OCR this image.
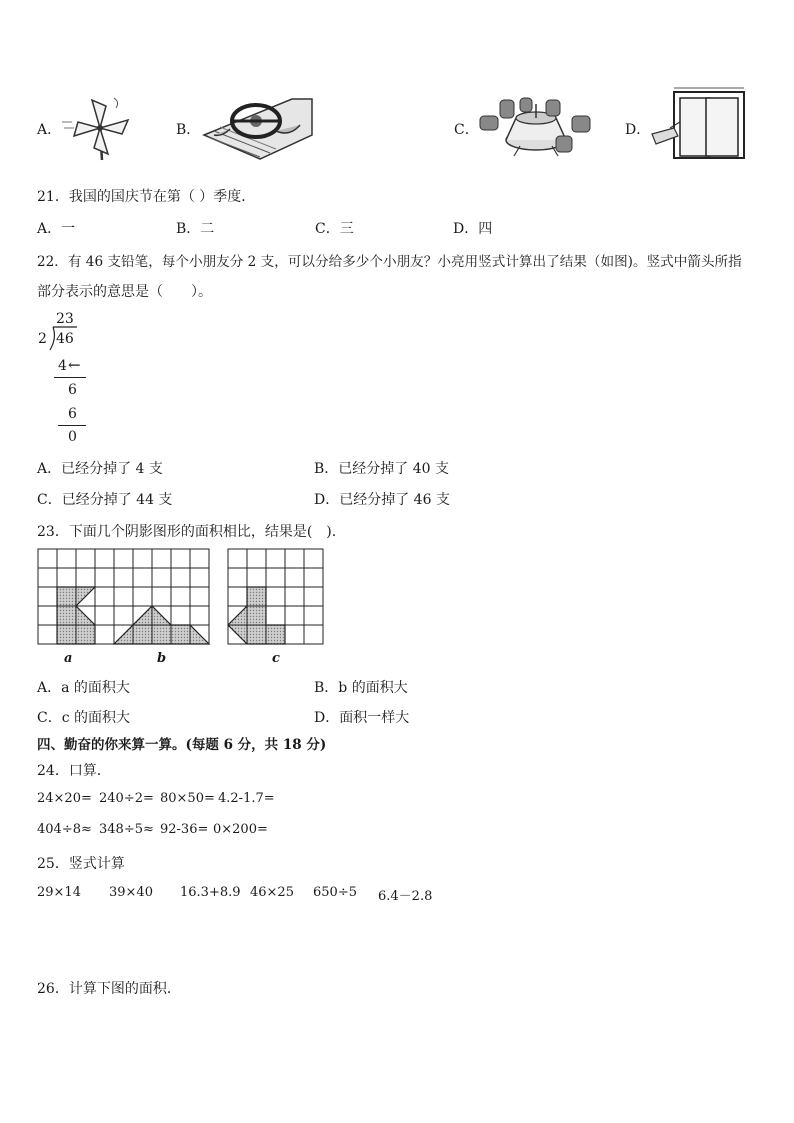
A．	B．	C．	D．
21．我国的国庆节在第（ ）季度．
A．一	B．二	C．三	D．四
22．有 46 支铅笔，每个小朋友分 2 支，可以分给多少个小朋友？小亮用竖式计算出了结果（如图)。竖式中箭头所指
部分表示的意思是（　　）。
23
2 46
4 ←
6
6
0
A．已经分掉了 4 支	B．已经分掉了 40 支
C．已经分掉了 44 支	D．已经分掉了 46 支
23．下面几个阴影图形的面积相比，结果是(　)．
a	b	c
A．a 的面积大	B．b 的面积大
C．c 的面积大	D．面积一样大
四、勤奋的你来算一算。(每题 6 分，共 18 分)
24．口算．
24×20= 240÷2= 80×50= 4.2-1.7=
404÷8≈ 348÷5≈ 92-36= 0×200=
25．竖式计算
29×14 39×40 16.3+8.9 46×25 650÷5 6.4－2.8
26．计算下图的面积．
